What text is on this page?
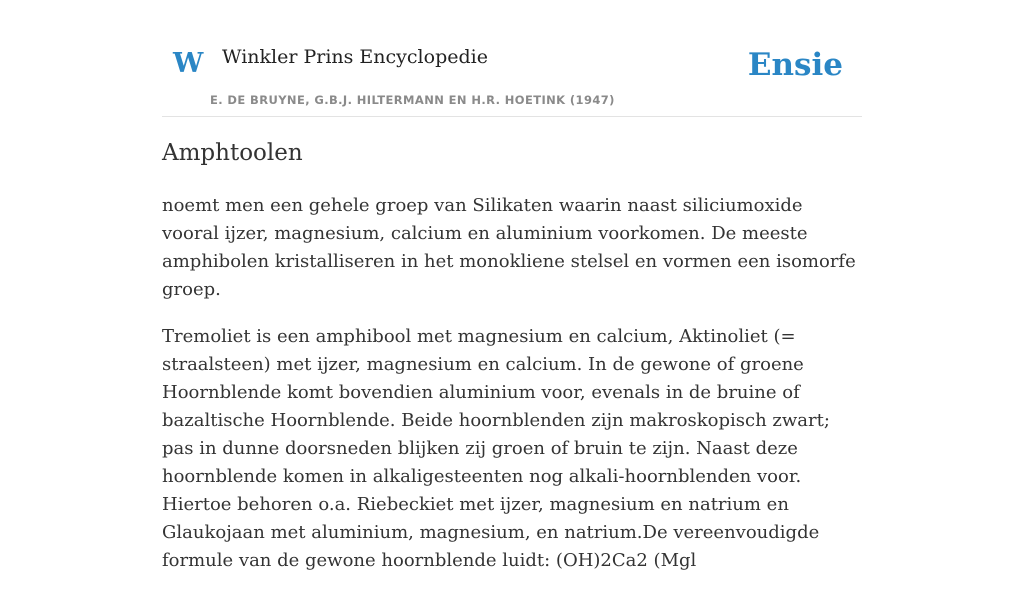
W Winkler Prins Encyclopedie
E. DE BRUYNE, G.B.J. HILTERMANN EN H.R. HOETINK (1947)
Ensie
Amphtoolen

noemt men een gehele groep van Silikaten waarin naast siliciumoxide vooral ijzer, magnesium, calcium en aluminium voorkomen. De meeste amphibolen kristalliseren in het monokliene stelsel en vormen een isomorfe groep.

Tremoliet is een amphibool met magnesium en calcium, Aktinoliet (= straalsteen) met ijzer, magnesium en calcium. In de gewone of groene Hoornblende komt bovendien aluminium voor, evenals in de bruine of bazaltische Hoornblende. Beide hoornblenden zijn makroskopisch zwart; pas in dunne doorsneden blijken zij groen of bruin te zijn. Naast deze hoornblende komen in alkaligesteenten nog alkali-hoornblenden voor. Hiertoe behoren o.a. Riebeckiet met ijzer, magnesium en natrium en Glaukojaan met aluminium, magnesium, en natrium.De vereenvoudigde formule van de gewone hoornblende luidt: (OH)2Ca2 (Mgl
